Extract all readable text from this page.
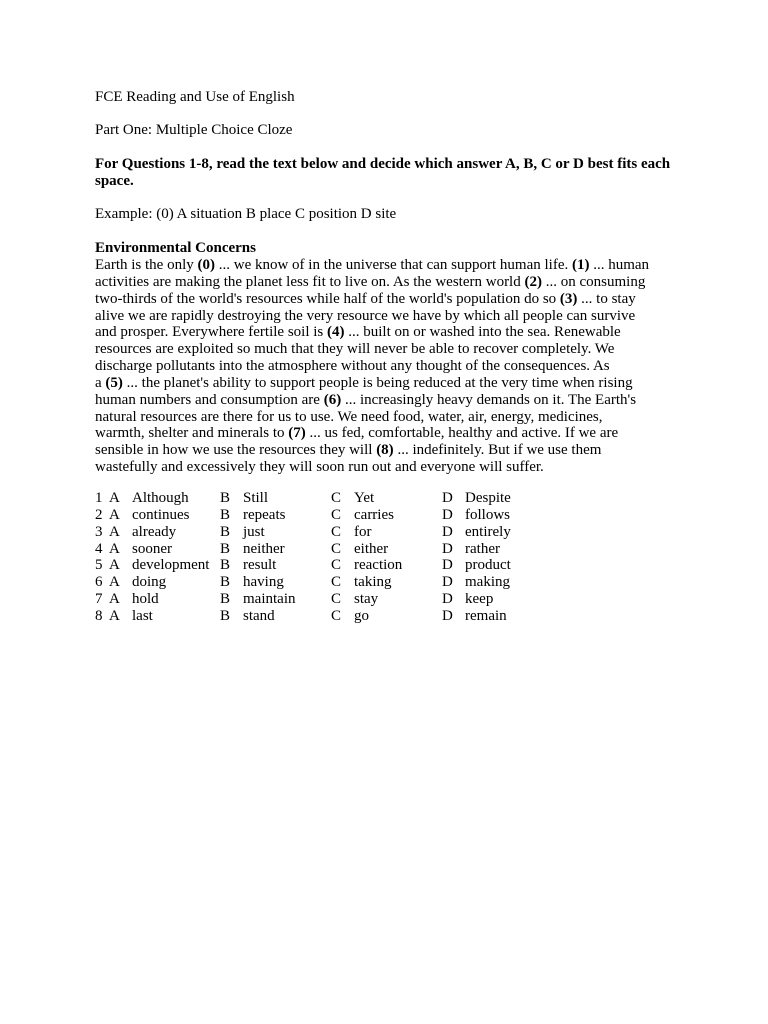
FCE Reading and Use of English

Part One: Multiple Choice Cloze

For Questions 1-8, read the text below and decide which answer A, B, C or D best fits each space.

Example: (0) A situation B place C position D site

Environmental Concerns

Earth is the only (0) ... we know of in the universe that can support human life. (1) ... human

activities are making the planet less fit to live on. As the western world (2) ... on consuming

two-thirds of the world's resources while half of the world's population do so (3) ... to stay

alive we are rapidly destroying the very resource we have by which all people can survive

and prosper. Everywhere fertile soil is (4) ... built on or washed into the sea. Renewable

resources are exploited so much that they will never be able to recover completely. We

discharge pollutants into the atmosphere without any thought of the consequences. As

a (5) ... the planet's ability to support people is being reduced at the very time when rising

human numbers and consumption are (6) ... increasingly heavy demands on it. The Earth's

natural resources are there for us to use. We need food, water, air, energy, medicines,

warmth, shelter and minerals to (7) ... us fed, comfortable, healthy and active. If we are

sensible in how we use the resources they will (8) ... indefinitely. But if we use them

wastefully and excessively they will soon run out and everyone will suffer.

1	A	Although	B	Still	C	Yet	D	Despite
2	A	continues	B	repeats	C	carries	D	follows
3	A	already	B	just	C	for	D	entirely
4	A	sooner	B	neither	C	either	D	rather
5	A	development	B	result	C	reaction	D	product
6	A	doing	B	having	C	taking	D	making
7	A	hold	B	maintain	C	stay	D	keep
8	A	last	B	stand	C	go	D	remain
